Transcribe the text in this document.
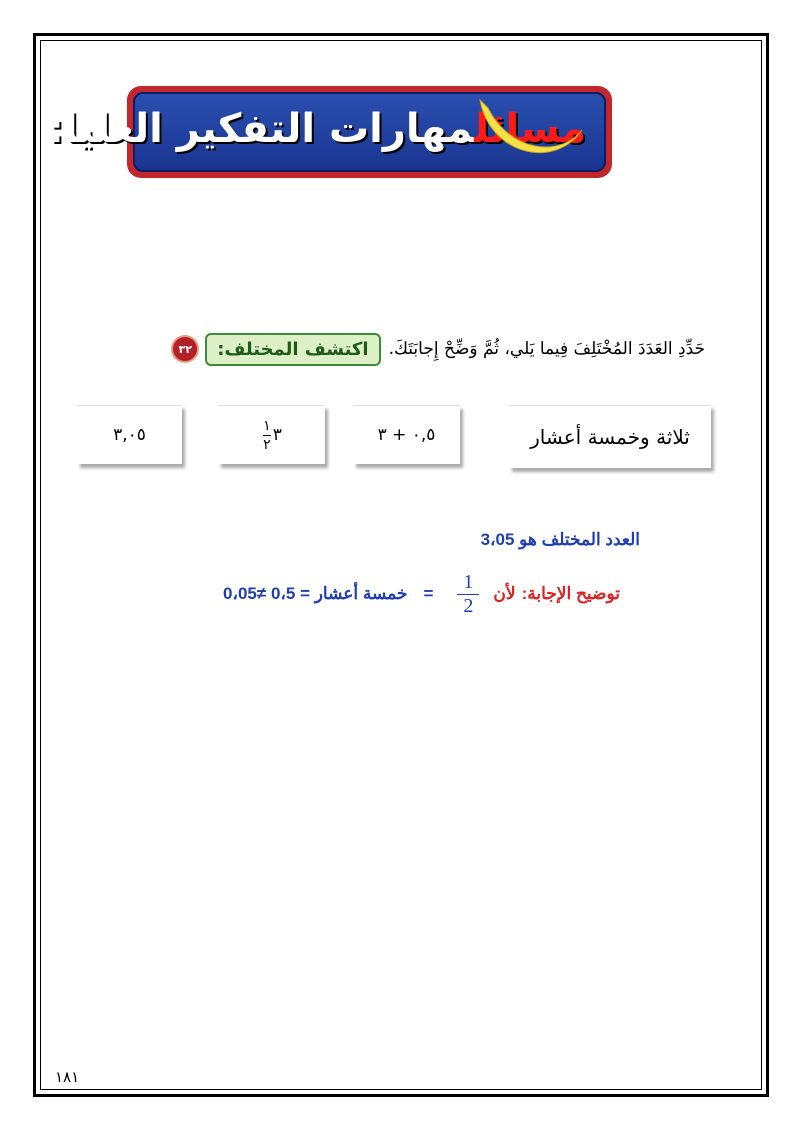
مسائلمهارات التفكير العليا:
٣٢	اكتشف المختلف:	حَدِّدِ العَدَدَ المُخْتَلِفَ فِيما يَلي، ثُمَّ وَضِّحْ إِجابَتَكَ.
٣,٠٥	٣
$\frac{١}{٢}$	٠,٥ + ٣	ثلاثة وخمسة أعشار
العدد المختلف هو 3،05
توضيح الإجابة:
لأن
1
2
=
خمسة أعشار = 0،5 ≠0،05
١٨١
